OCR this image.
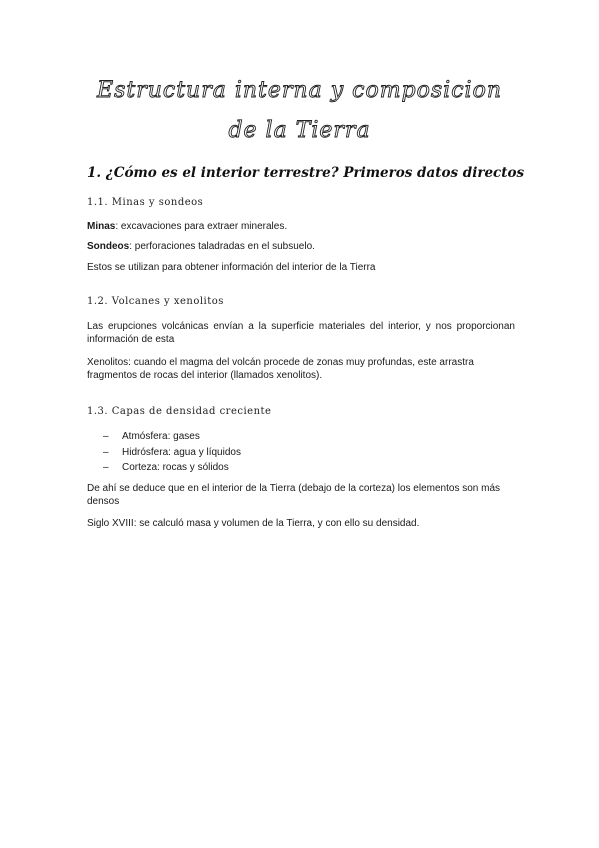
Estructura interna y composicion
de la Tierra
1. ¿Cómo es el interior terrestre? Primeros datos directos
1.1. Minas y sondeos
Minas: excavaciones para extraer minerales.
Sondeos: perforaciones taladradas en el subsuelo.
Estos se utilizan para obtener información del interior de la Tierra
1.2. Volcanes y xenolitos
Las erupciones volcánicas envían a la superficie materiales del interior, y nos proporcionan información de esta
Xenolitos: cuando el magma del volcán procede de zonas muy profundas, este arrastra fragmentos de rocas del interior (llamados xenolitos).
1.3. Capas de densidad creciente
– Atmósfera: gases
– Hidrósfera: agua y líquidos
– Corteza: rocas y sólidos
De ahí se deduce que en el interior de la Tierra (debajo de la corteza) los elementos son más densos
Siglo XVIII: se calculó masa y volumen de la Tierra, y con ello su densidad.
